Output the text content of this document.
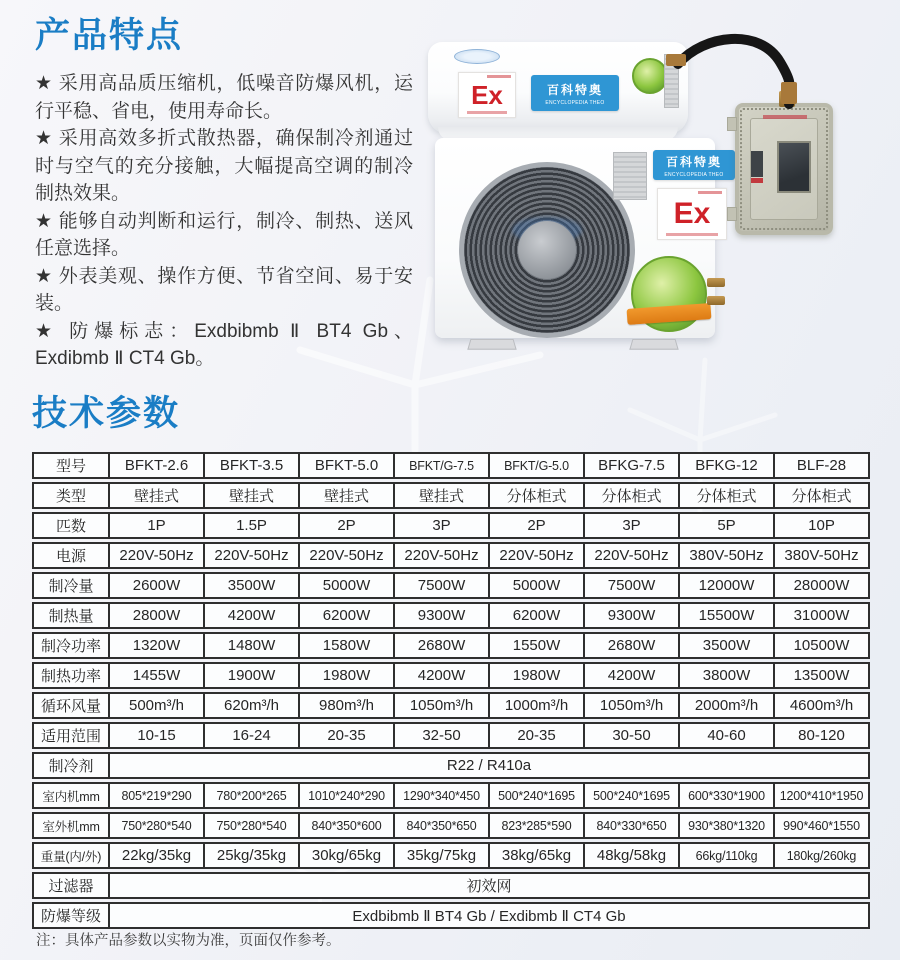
产品特点

★ 采用高品质压缩机，低噪音防爆风机，运行平稳、省电，使用寿命长。

★ 采用高效多折式散热器，确保制冷剂通过时与空气的充分接触，大幅提高空调的制冷制热效果。

★ 能够自动判断和运行，制冷、制热、送风任意选择。

★ 外表美观、操作方便、节省空间、易于安装。

★ 防爆标志：Exdbibmb Ⅱ BT4 Gb、Exdibmb Ⅱ CT4 Gb。

Ex	百科特奥
ENCYCLOPEDIA THEO
百科特奥
ENCYCLOPEDIA THEO
Ex
技术参数
型号	BFKT-2.6	BFKT-3.5	BFKT-5.0	BFKT/G-7.5	BFKT/G-5.0	BFKG-7.5	BFKG-12	BLF-28
类型	壁挂式	壁挂式	壁挂式	壁挂式	分体柜式	分体柜式	分体柜式	分体柜式
匹数	1P	1.5P	2P	3P	2P	3P	5P	10P
电源	220V-50Hz	220V-50Hz	220V-50Hz	220V-50Hz	220V-50Hz	220V-50Hz	380V-50Hz	380V-50Hz
制冷量	2600W	3500W	5000W	7500W	5000W	7500W	12000W	28000W
制热量	2800W	4200W	6200W	9300W	6200W	9300W	15500W	31000W
制冷功率	1320W	1480W	1580W	2680W	1550W	2680W	3500W	10500W
制热功率	1455W	1900W	1980W	4200W	1980W	4200W	3800W	13500W
循环风量	500m³/h	620m³/h	980m³/h	1050m³/h	1000m³/h	1050m³/h	2000m³/h	4600m³/h
适用范围	10-15	16-24	20-35	32-50	20-35	30-50	40-60	80-120
制冷剂	R22 / R410a
室内机mm	805*219*290	780*200*265	1010*240*290	1290*340*450	500*240*1695	500*240*1695	600*330*1900	1200*410*1950
室外机mm	750*280*540	750*280*540	840*350*600	840*350*650	823*285*590	840*330*650	930*380*1320	990*460*1550
重量(内/外)	22kg/35kg	25kg/35kg	30kg/65kg	35kg/75kg	38kg/65kg	48kg/58kg	66kg/110kg	180kg/260kg
过滤器	初效网
防爆等级	Exdbibmb Ⅱ BT4 Gb / Exdibmb Ⅱ CT4 Gb

注：具体产品参数以实物为准，页面仅作参考。
